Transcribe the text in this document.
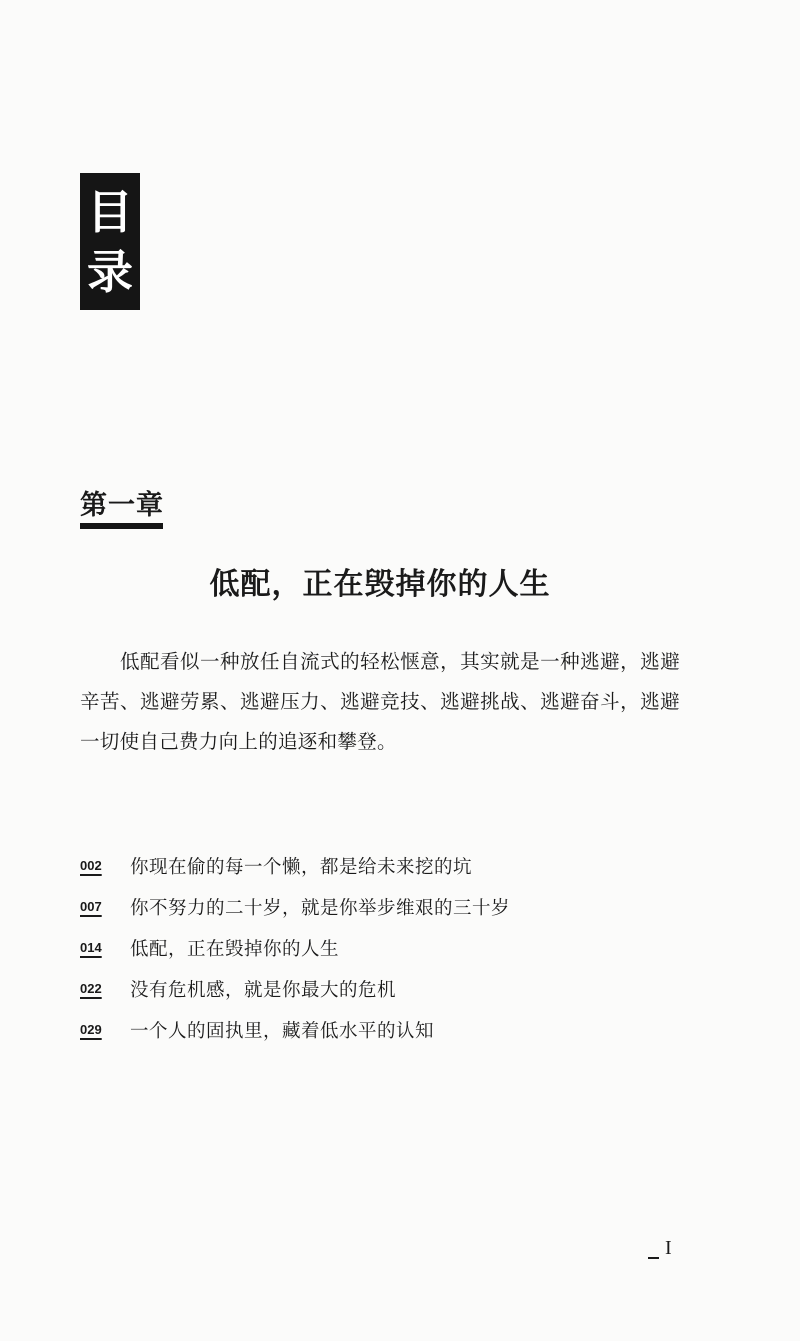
目
录
第一章
低配，正在毁掉你的人生

低配看似一种放任自流式的轻松惬意，其实就是一种逃避，逃避辛苦、逃避劳累、逃避压力、逃避竞技、逃避挑战、逃避奋斗，逃避一切使自己费力向上的追逐和攀登。

002	你现在偷的每一个懒，都是给未来挖的坑
007	你不努力的二十岁，就是你举步维艰的三十岁
014	低配，正在毁掉你的人生
022	没有危机感，就是你最大的危机
029	一个人的固执里，藏着低水平的认知
I
